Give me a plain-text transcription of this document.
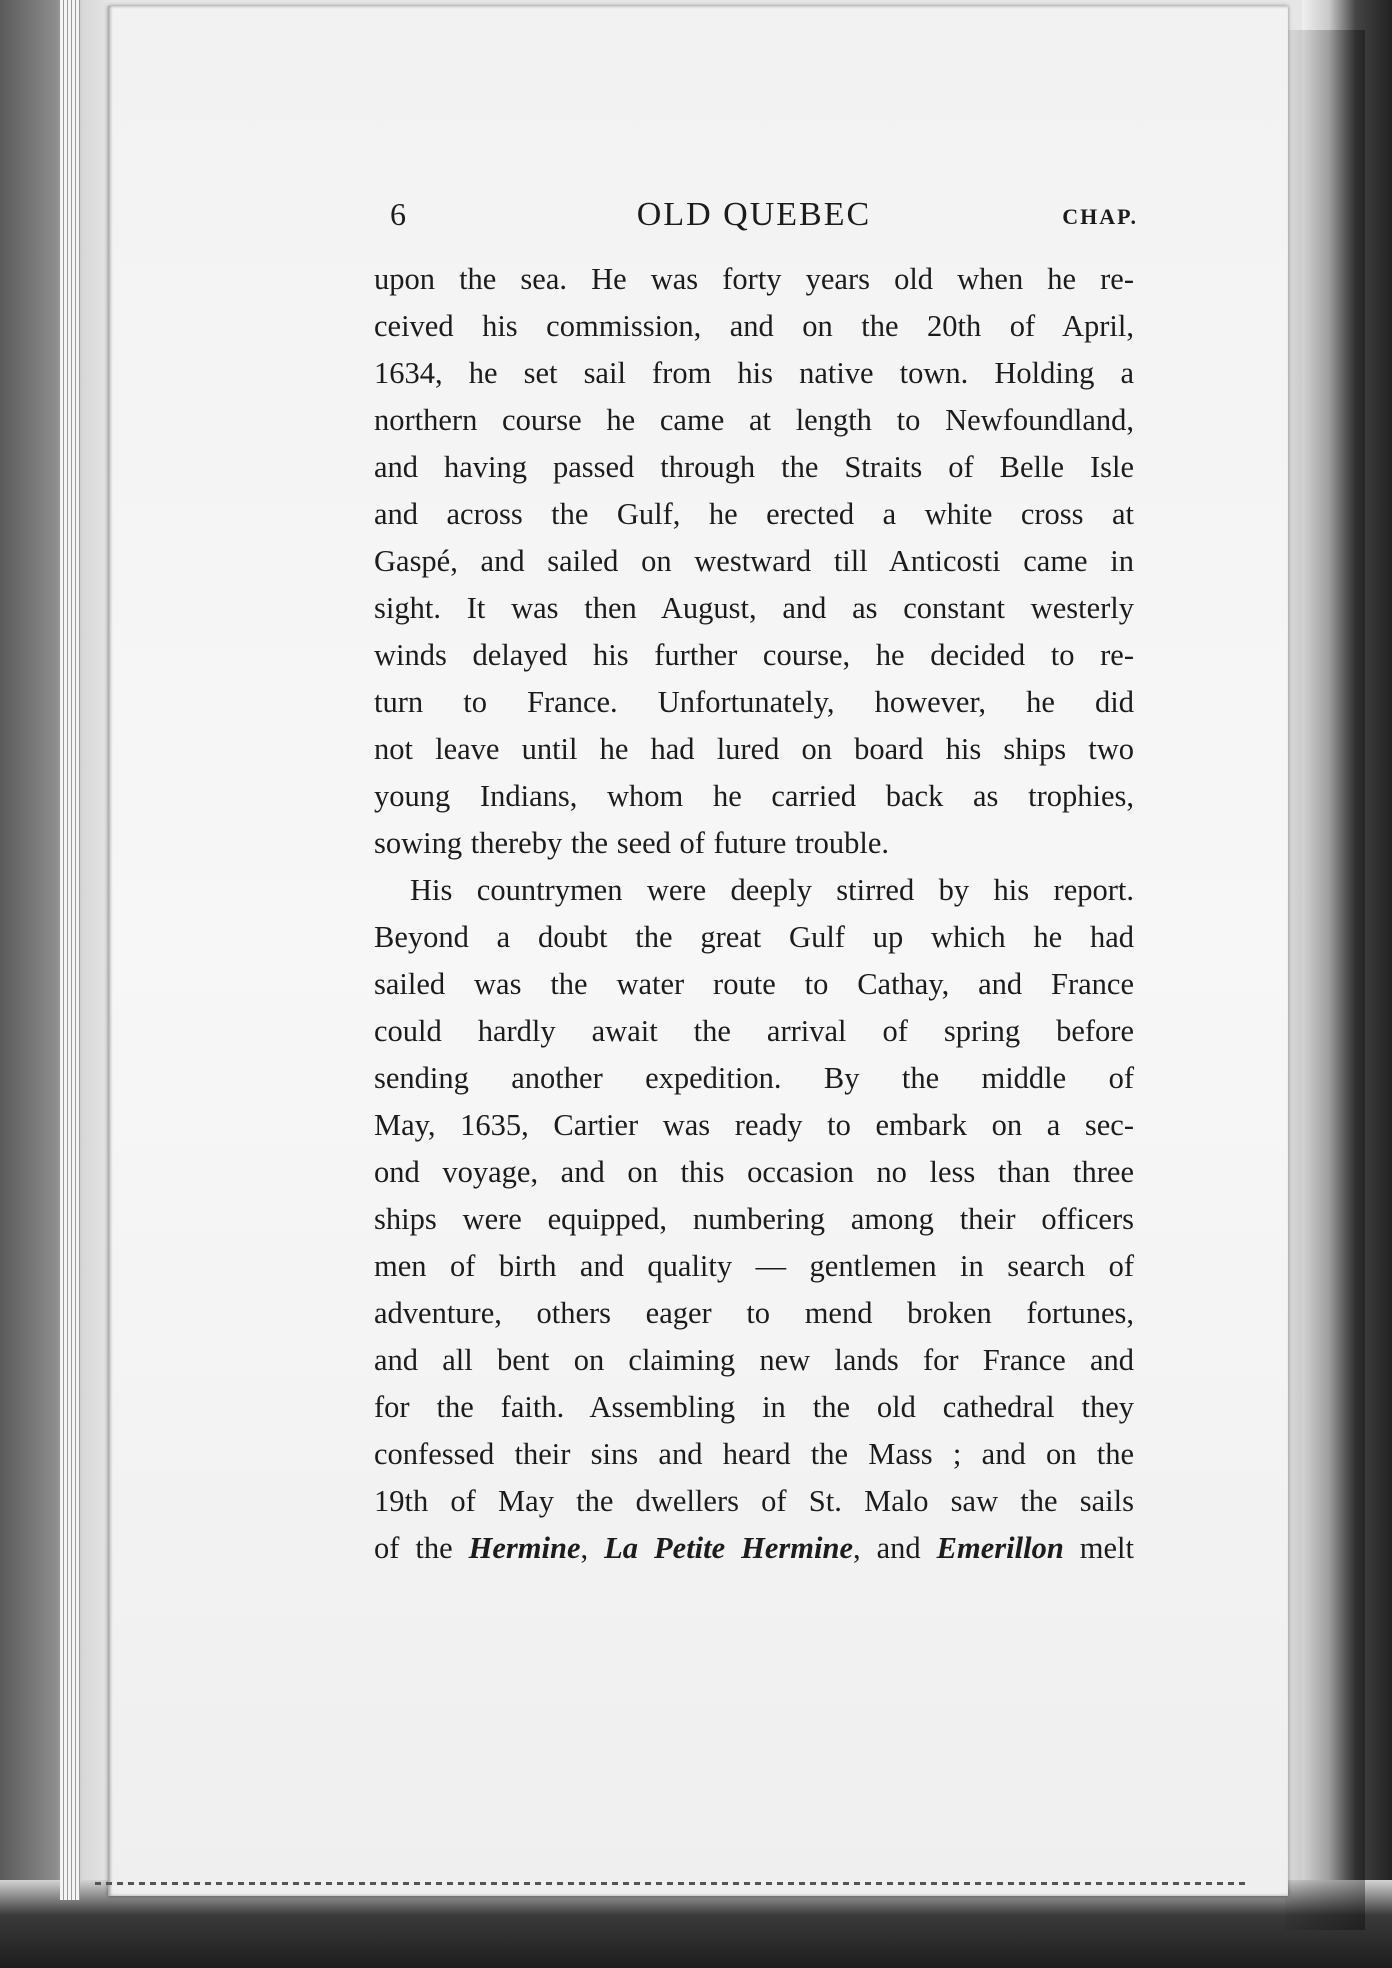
6	OLD QUEBEC	CHAP.

upon the sea. He was forty years old when he re-
ceived his commission, and on the 20th of April,
1634, he set sail from his native town. Holding a
northern course he came at length to Newfoundland,
and having passed through the Straits of Belle Isle
and across the Gulf, he erected a white cross at
Gaspé, and sailed on westward till Anticosti came in
sight. It was then August, and as constant westerly
winds delayed his further course, he decided to re-
turn to France. Unfortunately, however, he did
not leave until he had lured on board his ships two
young Indians, whom he carried back as trophies,
sowing thereby the seed of future trouble.

His countrymen were deeply stirred by his report.
Beyond a doubt the great Gulf up which he had
sailed was the water route to Cathay, and France
could hardly await the arrival of spring before
sending another expedition. By the middle of
May, 1635, Cartier was ready to embark on a sec-
ond voyage, and on this occasion no less than three
ships were equipped, numbering among their officers
men of birth and quality — gentlemen in search of
adventure, others eager to mend broken fortunes,
and all bent on claiming new lands for France and
for the faith. Assembling in the old cathedral they
confessed their sins and heard the Mass ; and on the
19th of May the dwellers of St. Malo saw the sails
of the Hermine, La Petite Hermine, and Emerillon melt
